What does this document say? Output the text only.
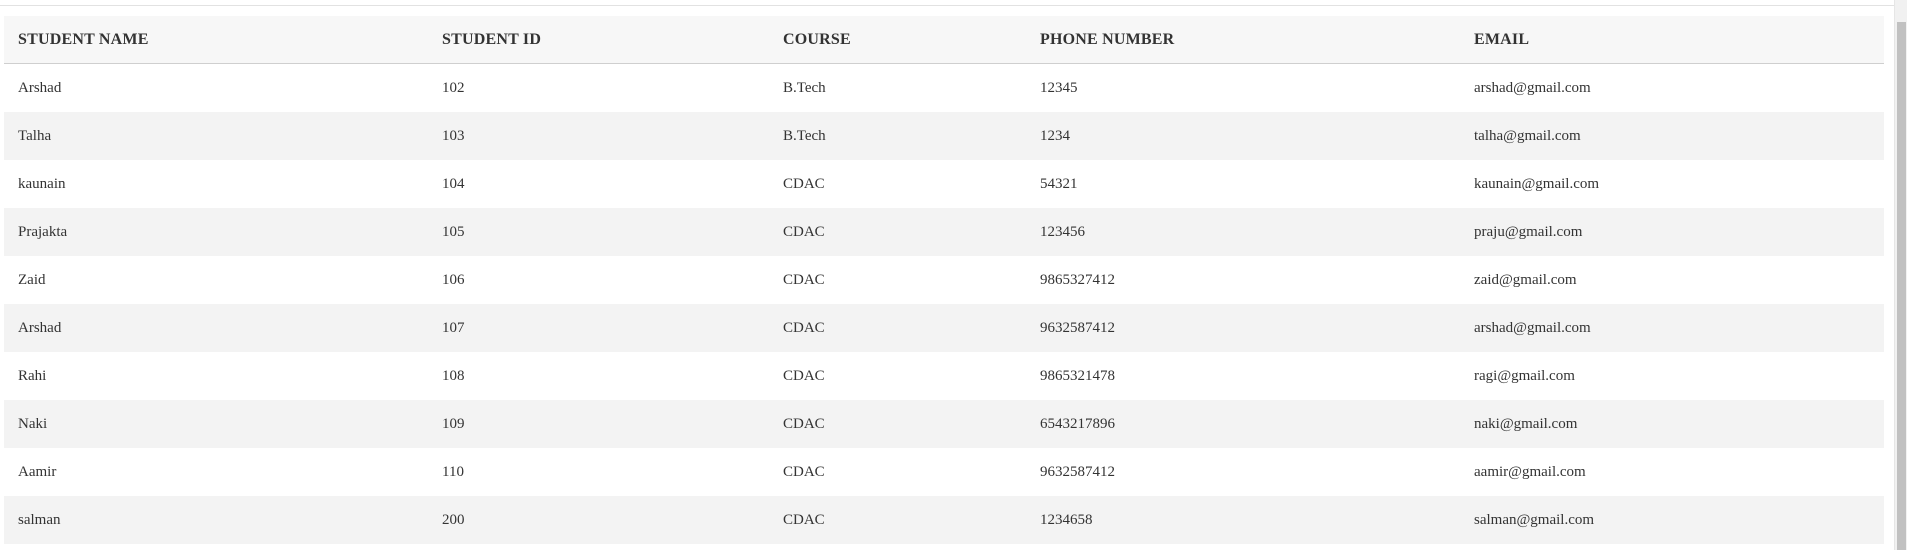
STUDENT NAME	STUDENT ID	COURSE	PHONE NUMBER	EMAIL
Arshad	102	B.Tech	12345	arshad@gmail.com
Talha	103	B.Tech	1234	talha@gmail.com
kaunain	104	CDAC	54321	kaunain@gmail.com
Prajakta	105	CDAC	123456	praju@gmail.com
Zaid	106	CDAC	9865327412	zaid@gmail.com
Arshad	107	CDAC	9632587412	arshad@gmail.com
Rahi	108	CDAC	9865321478	ragi@gmail.com
Naki	109	CDAC	6543217896	naki@gmail.com
Aamir	110	CDAC	9632587412	aamir@gmail.com
salman	200	CDAC	1234658	salman@gmail.com
